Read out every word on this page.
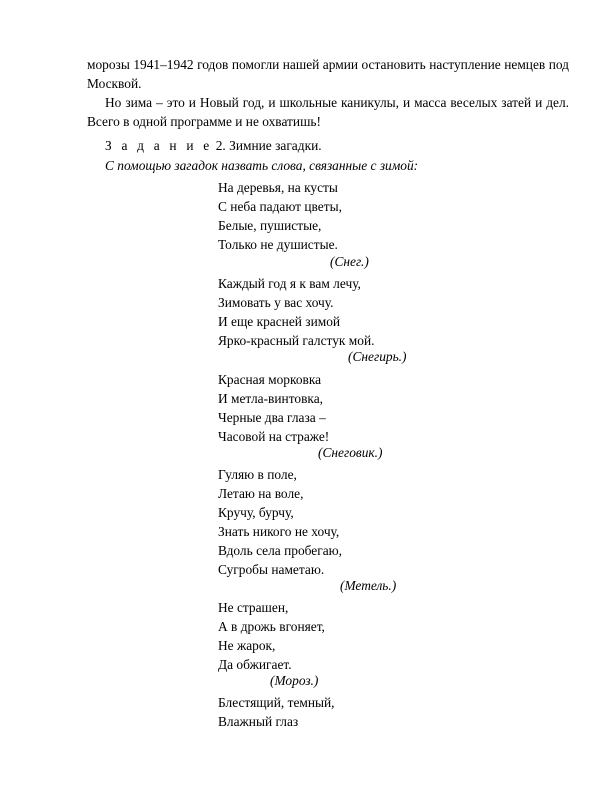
морозы 1941–1942 годов помогли нашей армии остановить наступление немцев под Москвой.
Но зима – это и Новый год, и школьные каникулы, и масса веселых затей и дел. Всего в одной программе и не охватишь!
З а д а н и е 2. Зимние загадки.
С помощью загадок назвать слова, связанные с зимой:
На деревья, на кусты
С неба падают цветы,
Белые, пушистые,
Только не душистые.
(Снег.)
Каждый год я к вам лечу,
Зимовать у вас хочу.
И еще красней зимой
Ярко-красный галстук мой.
(Снегирь.)
Красная морковка
И метла-винтовка,
Черные два глаза –
Часовой на страже!
(Снеговик.)
Гуляю в поле,
Летаю на воле,
Кручу, бурчу,
Знать никого не хочу,
Вдоль села пробегаю,
Сугробы наметаю.
(Метель.)
Не страшен,
А в дрожь вгоняет,
Не жарок,
Да обжигает.
(Мороз.)
Блестящий, темный,
Влажный глаз
